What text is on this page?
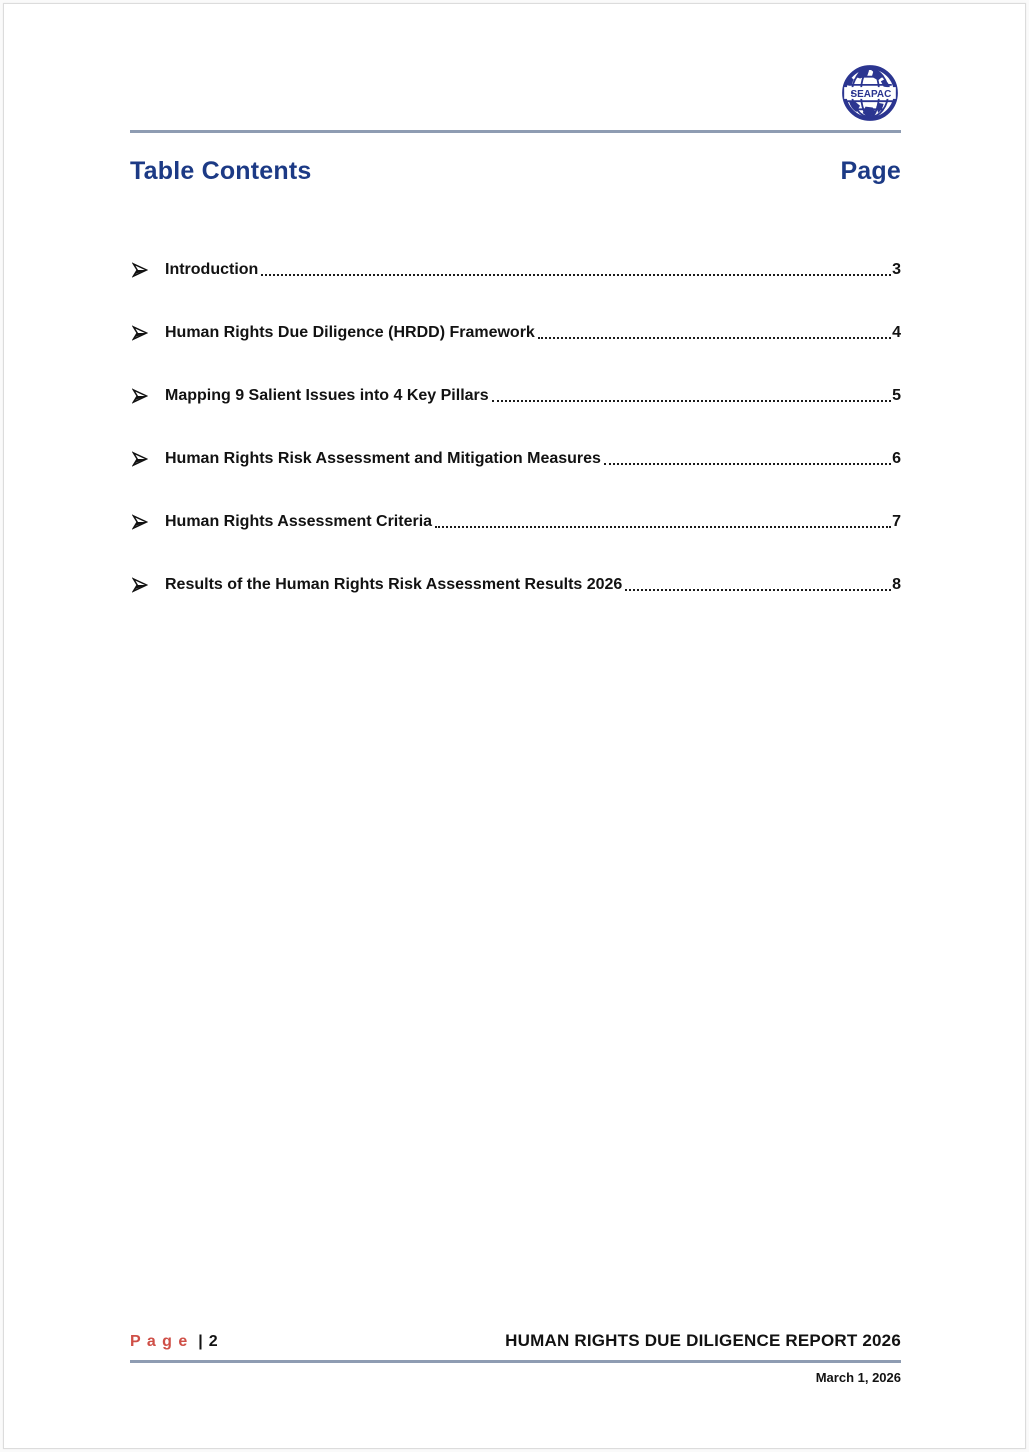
SEAPAC
Table Contents	Page
Introduction	3
Human Rights Due Diligence (HRDD) Framework	4
Mapping 9 Salient Issues into 4 Key Pillars	5
Human Rights Risk Assessment and Mitigation Measures	6
Human Rights Assessment Criteria	7
Results of the Human Rights Risk Assessment Results 2026	8
P a g e | 2	HUMAN RIGHTS DUE DILIGENCE REPORT 2026
March 1, 2026
